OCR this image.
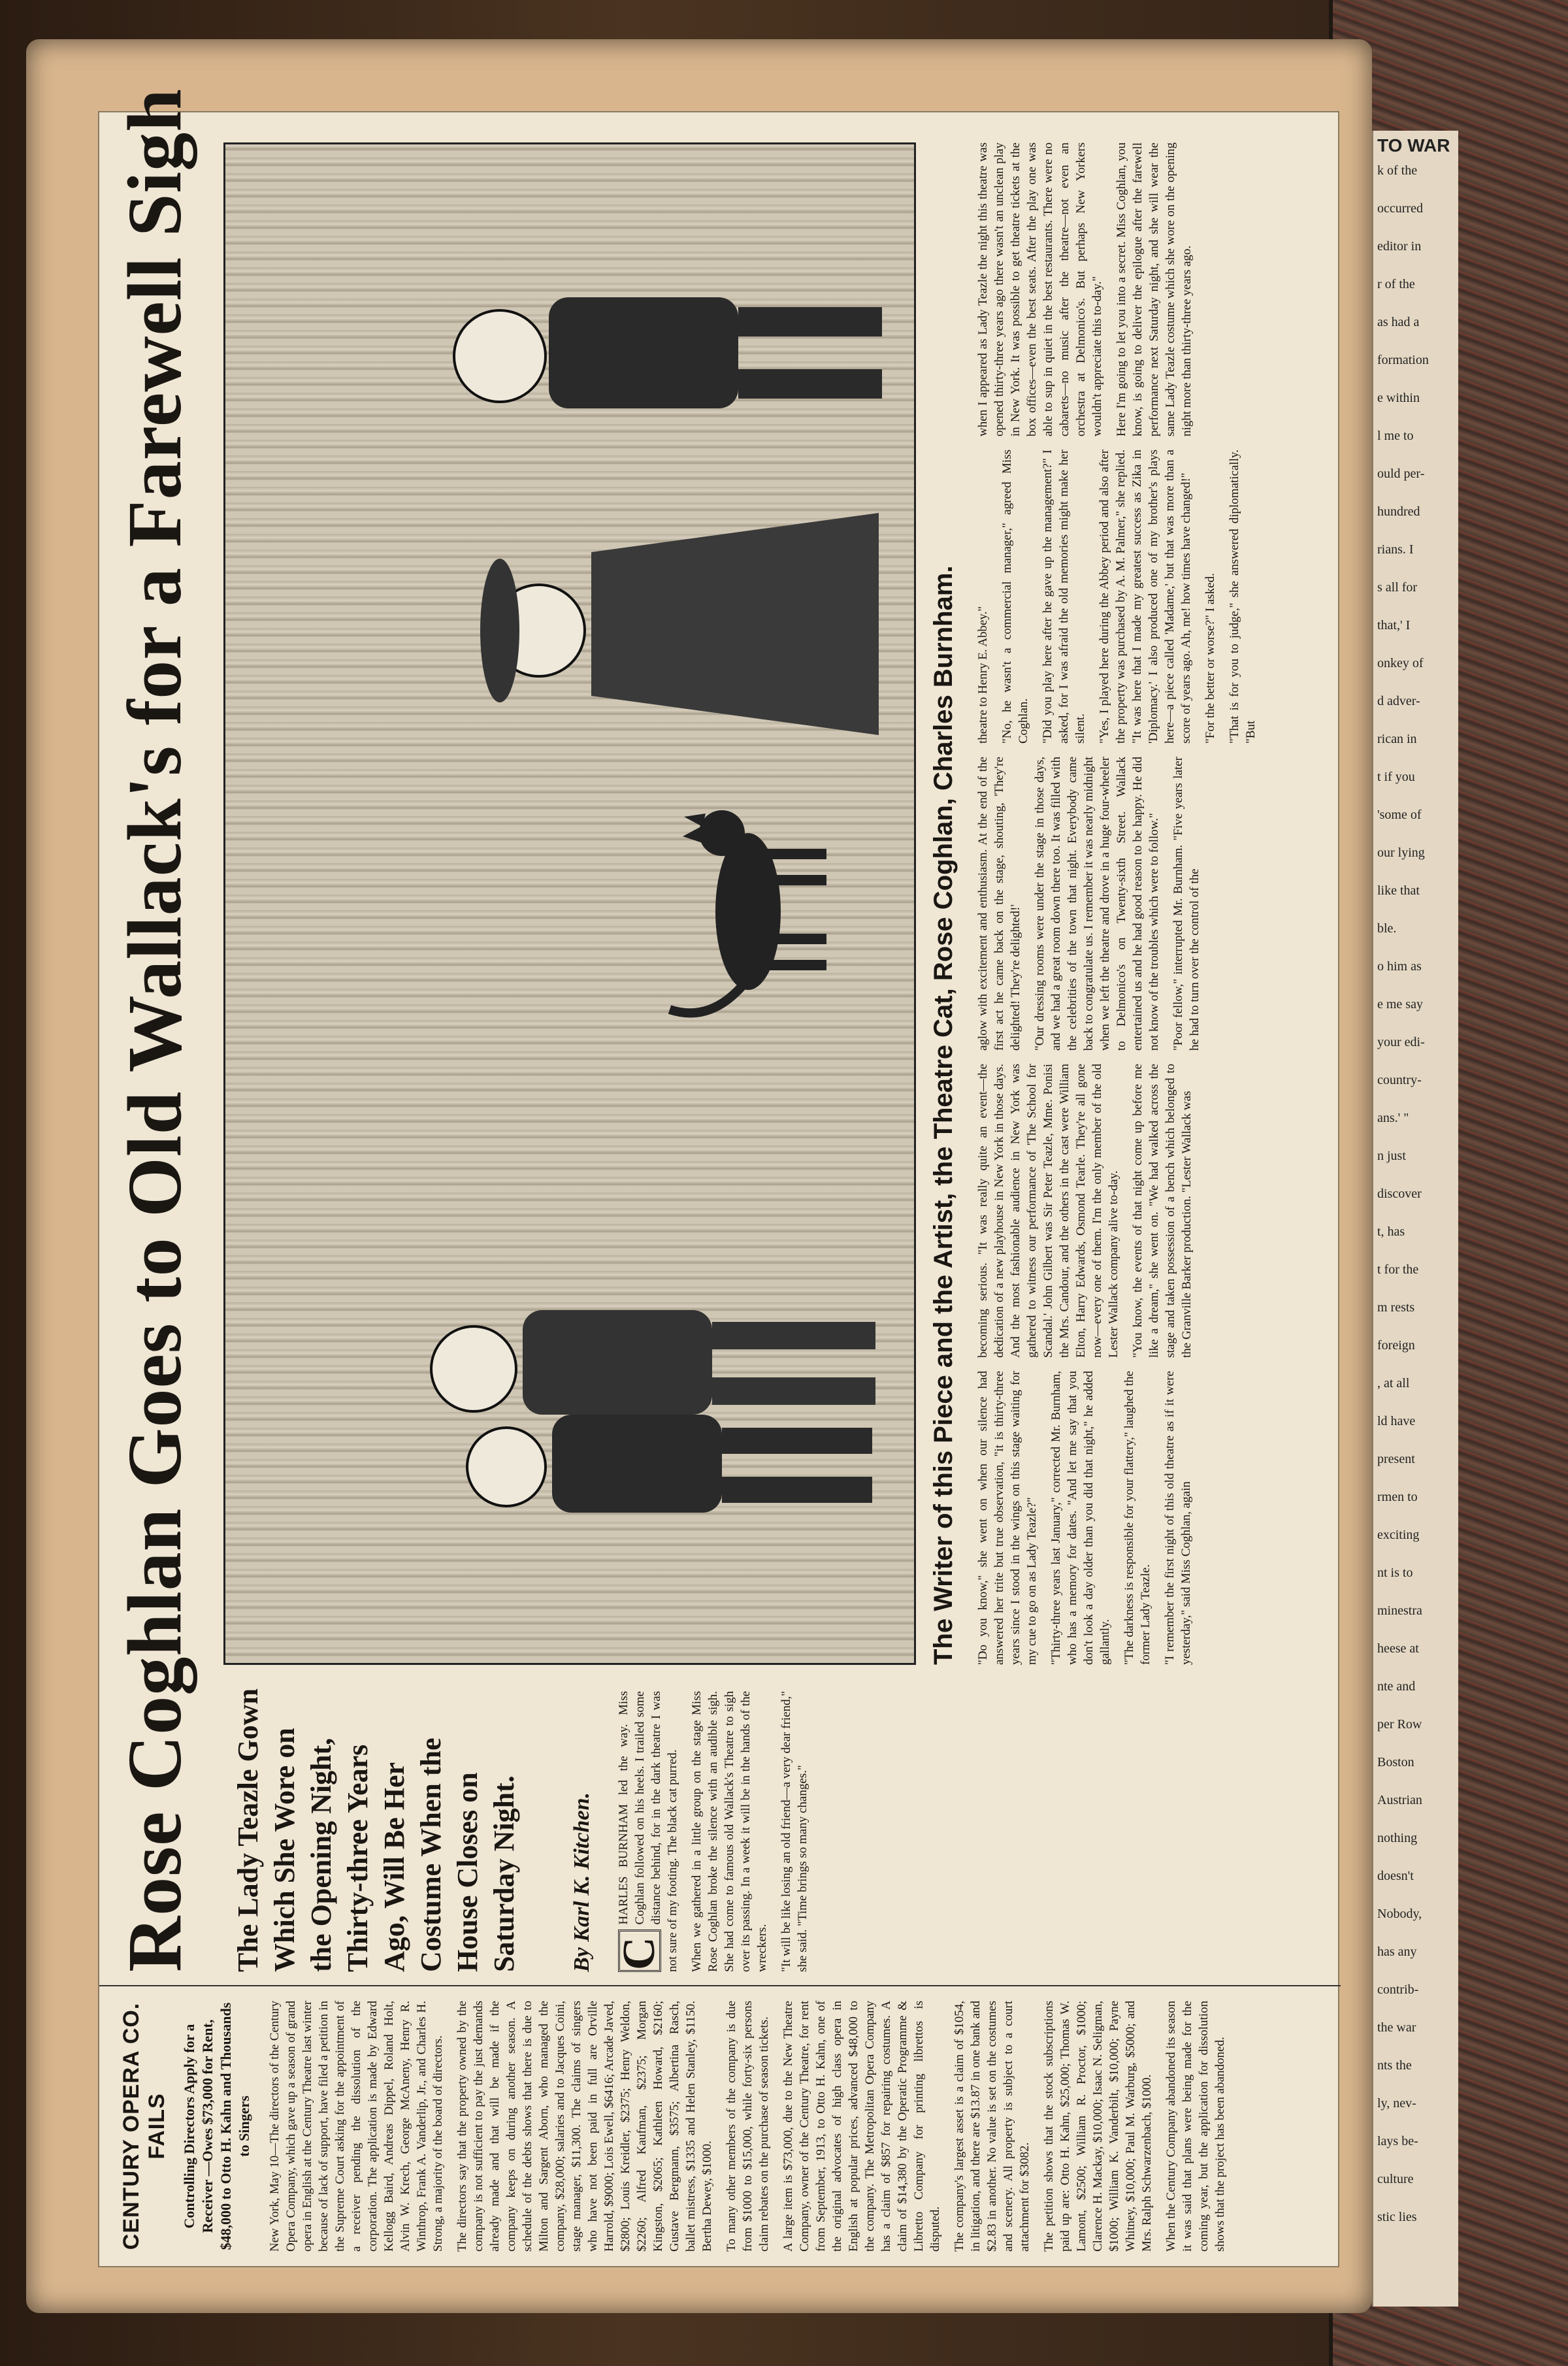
TO WAR
k of the
occurred
editor in
r of the
as had a
formation
e within
l me to
ould per-
hundred
rians. I
s all for
that,' I
onkey of
d adver-
rican in
t if you
'some of
our lying
like that
ble.
o him as
e me say
your edi-
country-
ans.' "
n just
discover
t, has
t for the
m rests
foreign
, at all
ld have
present
rmen to
exciting
nt is to
minestra
heese at
nte and
per Row
Boston
Austrian
nothing
doesn't
Nobody,
has any
contrib-
the war
nts the
ly, nev-
lays be-
culture
stic lies
CENTURY OPERA CO. FAILS Controlling Directors Apply for a Receiver —Owes $73,000 for Rent, $48,000 to Otto H. Kahn and Thousands to Singers New York, May 10—The directors of the Century Opera Company, which gave up a season of grand opera in English at the Century Theatre last winter because of lack of support, have filed a petition in the Supreme Court asking for the appointment of a receiver pending the dissolution of the corporation. The application is made by Edward Kellogg Baird, Andreas Dippel, Roland Holt, Alvin W. Krech, George McAneny, Henry R. Winthrop, Frank A. Vanderlip, Jr., and Charles H. Strong, a majority of the board of directors. The directors say that the property owned by the company is not sufficient to pay the just demands already made and that will be made if the company keeps on during another season. A schedule of the debts shows that there is due to Milton and Sargent Aborn, who managed the company, $28,000; salaries and to Jacques Coini, stage manager, $11,300. The claims of singers who have not been paid in full are Orville Harrold, $9000; Lois Ewell, $6416; Arcade Javed, $2800; Louis Kreidler, $2375; Henry Weldon, $2260; Alfred Kaufman, $2375; Morgan Kingston, $2065; Kathleen Howard, $2160; Gustave Bergmann, $3575; Albertina Rasch, ballet mistress, $1335 and Helen Stanley, $1150. Bertha Dewey, $1000. To many other members of the company is due from $1000 to $15,000, while forty-six persons claim rebates on the purchase of season tickets. A large item is $73,000, due to the New Theatre Company, owner of the Century Theatre, for rent from September, 1913, to Otto H. Kahn, one of the original advocates of high class opera in English at popular prices, advanced $48,000 to the company. The Metropolitan Opera Company has a claim of $857 for repairing costumes. A claim of $14,380 by the Operatic Programme & Libretto Company for printing librettos is disputed. The company's largest asset is a claim of $1054, in litigation, and there are $13.87 in one bank and $2.83 in another. No value is set on the costumes and scenery. All property is subject to a court attachment for $3082. The petition shows that the stock subscriptions paid up are: Otto H. Kahn, $25,000; Thomas W. Lamont, $2500; William R. Proctor, $1000; Clarence H. Mackay, $10,000; Isaac N. Seligman, $1000; William K. Vanderbilt, $10,000; Payne Whitney, $10,000; Paul M. Warburg, $5000; and Mrs. Ralph Schwarzenbach, $1000. When the Century Company abandoned its season it was said that plans were being made for the coming year, but the application for dissolution shows that the project has been abandoned.

Rose Coghlan Goes to Old Wallack's for a Farewell Sigh The Lady Teazle Gown Which She Wore on the Opening Night, Thirty-three Years Ago, Will Be Her Costume When the House Closes on Saturday Night. By Karl K. Kitchen. C

HARLES BURNHAM led the way. Miss Coghlan followed on his heels. I trailed some distance behind, for in the dark theatre I was not sure of my footing. The black cat purred. When we gathered in a little group on the stage Miss Rose Coghlan broke the silence with an audible sigh. She had come to famous old Wallack's Theatre to sigh over its passing. In a week it will be in the hands of the wreckers. "It will be like losing an old friend—a very dear friend," she said. "Time brings so many changes."

The Writer of this Piece and the Artist, the Theatre Cat, Rose Coghlan, Charles Burnham. "Do you know," she went on when our silence had answered her trite but true observation, "it is thirty-three years since I stood in the wings on this stage waiting for my cue to go on as Lady Teazle?" "Thirty-three years last January," corrected Mr. Burnham, who has a memory for dates. "And let me say that you don't look a day older than you did that night," he added gallantly. "The darkness is responsible for your flattery," laughed the former Lady Teazle. "I remember the first night of this old theatre as if it were yesterday," said Miss Coghlan, again

becoming serious. "It was really quite an event—the dedication of a new playhouse in New York in those days. And the most fashionable audience in New York was gathered to witness our performance of 'The School for Scandal.' John Gilbert was Sir Peter Teazle, Mme. Ponisi the Mrs. Candour, and the others in the cast were William Elton, Harry Edwards, Osmond Tearle. They're all gone now—every one of them. I'm the only member of the old Lester Wallack company alive to-day. "You know, the events of that night come up before me like a dream," she went on. "We had walked across the stage and taken possession of a bench which belonged to the Granville Barker production. "Lester Wallack was

aglow with excitement and enthusiasm. At the end of the first act he came back on the stage, shouting, 'They're delighted! They're delighted!' "Our dressing rooms were under the stage in those days, and we had a great room down there too. It was filled with the celebrities of the town that night. Everybody came back to congratulate us. I remember it was nearly midnight when we left the theatre and drove in a huge four-wheeler to Delmonico's on Twenty-sixth Street. Wallack entertained us and he had good reason to be happy. He did not know of the troubles which were to follow." "Poor fellow," interrupted Mr. Burnham. "Five years later he had to turn over the control of the

theatre to Henry E. Abbey." "No, he wasn't a commercial manager," agreed Miss Coghlan. "Did you play here after he gave up the management?" I asked, for I was afraid the old memories might make her silent. "Yes, I played here during the Abbey period and also after the property was purchased by A. M. Palmer," she replied. "It was here that I made my greatest success as Zika in 'Diplomacy.' I also produced one of my brother's plays here—a piece called 'Madame,' but that was more than a score of years ago. Ah, me! how times have changed!" "For the better or worse?" I asked. "That is for you to judge," she answered diplomatically. "But

when I appeared as Lady Teazle the night this theatre was opened thirty-three years ago there wasn't an unclean play in New York. It was possible to get theatre tickets at the box offices—even the best seats. After the play one was able to sup in quiet in the best restaurants. There were no cabarets—no music after the theatre—not even an orchestra at Delmonico's. But perhaps New Yorkers wouldn't appreciate this to-day." Here I'm going to let you into a secret. Miss Coghlan, you know, is going to deliver the epilogue after the farewell performance next Saturday night, and she will wear the same Lady Teazle costume which she wore on the opening night more than thirty-three years ago.
